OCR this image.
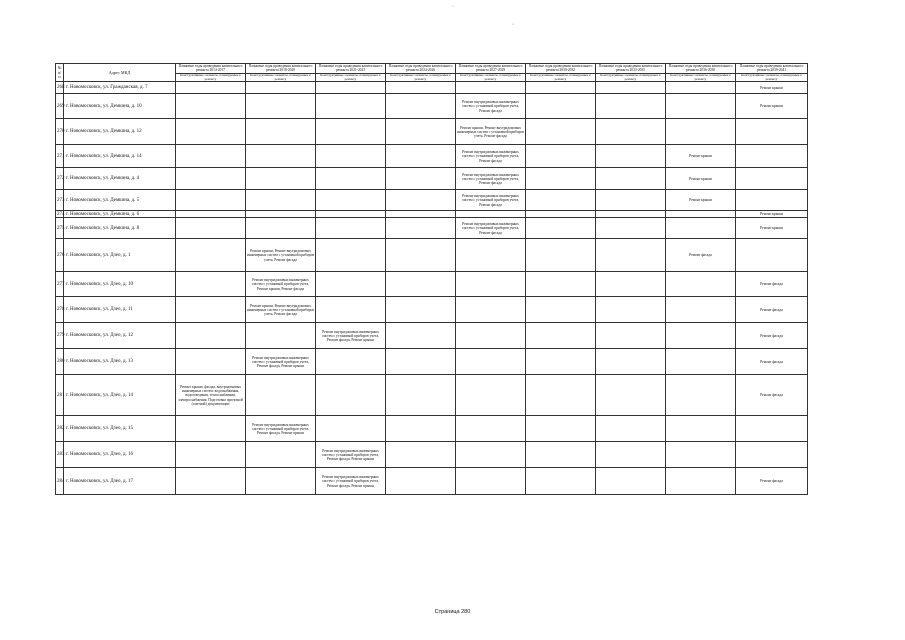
·
·
№ п/п	Адрес МКД	Плановые годы проведения капитального ремонта 2014-2017	Плановые годы проведения капитального ремонта 2018-2020	Плановые годы проведения капитального ремонта 2021-2023	Плановые годы проведения капитального ремонта 2024-2026	Плановые годы проведения капитального ремонта 2027-2029	Плановые годы проведения капитального ремонта 2030-2032	Плановые годы проведения капитального ремонта 2033-2035	Плановые годы проведения капитального ремонта 2036-2038	Плановые годы проведения капитального ремонта 2039-2041
		Конструктивные элементы, планируемые к ремонту	Конструктивные элементы, планируемые к ремонту	Конструктивные элементы, планируемые к ремонту	Конструктивные элементы, планируемые к ремонту	Конструктивные элементы, планируемые к ремонту	Конструктивные элементы, планируемые к ремонту	Конструктивные элементы, планируемые к ремонту	Конструктивные элементы, планируемые к ремонту	Конструктивные элементы, планируемые к ремонту
268	г. Новомосковск, ул. Гражданская, д. 7									Ремонт крыши
269	г. Новомосковск, ул. Демкина, д. 10					Ремонт внутридомовых инженерных систем с установкой приборов учета, Ремонт фасада				Ремонт крыши
270	г. Новомосковск, ул. Демкина, д. 12					Ремонт крыши, Ремонт внутридомовых инженерных систем с установкой приборов учета, Ремонт фасада				
271	г. Новомосковск, ул. Демкина, д. 14					Ремонт внутридомовых инженерных систем с установкой приборов учета, Ремонт фасада			Ремонт крыши	
272	г. Новомосковск, ул. Демкина, д. 4					Ремонт внутридомовых инженерных систем с установкой приборов учета, Ремонт фасада			Ремонт крыши	
273	г. Новомосковск, ул. Демкина, д. 5					Ремонт внутридомовых инженерных систем с установкой приборов учета, Ремонт фасада			Ремонт крыши	
274	г. Новомосковск, ул. Демкина, д. 6									Ремонт крыши
275	г. Новомосковск, ул. Демкина, д. 8					Ремонт внутридомовых инженерных систем с установкой приборов учета, Ремонт фасада				Ремонт крыши
276	г. Новомосковск, ул. Дзео, д. 1		Ремонт крыши, Ремонт внутридомовых инженерных систем с установкой приборов учета, Ремонт фасада						Ремонт фасада	
277	г. Новомосковск, ул. Дзео, д. 10		Ремонт внутридомовых инженерных систем с установкой приборов учета, Ремонт крыши, Ремонт фасада							Ремонт фасада
278	г. Новомосковск, ул. Дзео, д. 11		Ремонт крыши, Ремонт внутридомовых инженерных систем с установкой приборов учета, Ремонт фасада							Ремонт фасада
279	г. Новомосковск, ул. Дзео, д. 12			Ремонт внутридомовых инженерных систем с установкой приборов учета, Ремонт фасада, Ремонт крыши						Ремонт фасада
280	г. Новомосковск, ул. Дзео, д. 13		Ремонт внутридомовых инженерных систем с установкой приборов учета, Ремонт фасада, Ремонт крыши							Ремонт фасада
281	г. Новомосковск, ул. Дзео, д. 14	Ремонт крыши, фасада, внутридомовых инженерных систем: водоснабжения, водоотведения, теплоснабжения, электроснабжения. Подготовка проектной (сметной) документации								Ремонт фасада
282	г. Новомосковск, ул. Дзео, д. 15		Ремонт внутридомовых инженерных систем с установкой приборов учета, Ремонт фасада, Ремонт крыши							
283	г. Новомосковск, ул. Дзео, д. 16			Ремонт внутридомовых инженерных систем с установкой приборов учета, Ремонт фасада, Ремонт крыши						
284	г. Новомосковск, ул. Дзео, д. 17			Ремонт внутридомовых инженерных систем с установкой приборов учета, Ремонт фасада, Ремонт крыши						Ремонт фасада
Страница 280
